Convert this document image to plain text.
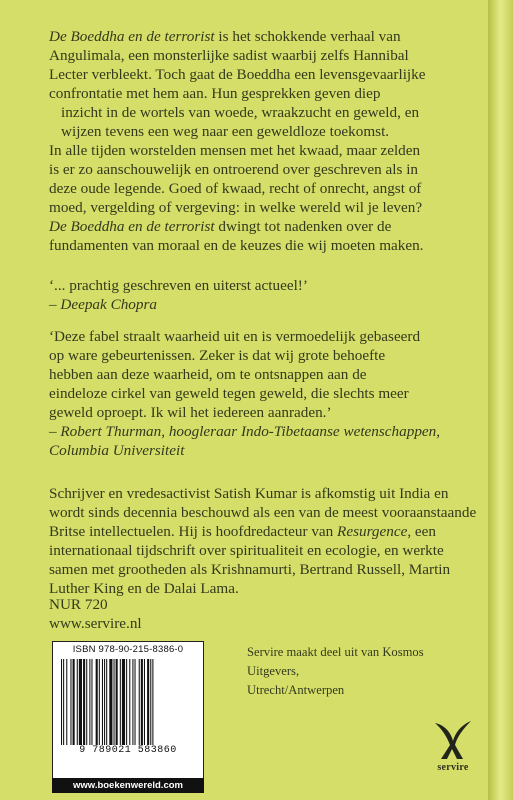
De Boeddha en de terrorist is het schokkende verhaal van

Angulimala, een monsterlijke sadist waarbij zelfs Hannibal

Lecter verbleekt. Toch gaat de Boeddha een levensgevaarlijke

confrontatie met hem aan. Hun gesprekken geven diep

inzicht in de wortels van woede, wraakzucht en geweld, en

wijzen tevens een weg naar een geweldloze toekomst.

In alle tijden worstelden mensen met het kwaad, maar zelden

is er zo aanschouwelijk en ontroerend over geschreven als in

deze oude legende. Goed of kwaad, recht of onrecht, angst of

moed, vergelding of vergeving: in welke wereld wil je leven?

De Boeddha en de terrorist dwingt tot nadenken over de

fundamenten van moraal en de keuzes die wij moeten maken.

‘... prachtig geschreven en uiterst actueel!’

– Deepak Chopra

‘Deze fabel straalt waarheid uit en is vermoedelijk gebaseerd

op ware gebeurtenissen. Zeker is dat wij grote behoefte

hebben aan deze waarheid, om te ontsnappen aan de

eindeloze cirkel van geweld tegen geweld, die slechts meer

geweld oproept. Ik wil het iedereen aanraden.’

– Robert Thurman, hoogleraar Indo-Tibetaanse wetenschappen,

Columbia Universiteit

Schrijver en vredesactivist Satish Kumar is afkomstig uit India en

wordt sinds decennia beschouwd als een van de meest vooraanstaande

Britse intellectuelen. Hij is hoofdredacteur van Resurgence, een

internationaal tijdschrift over spiritualiteit en ecologie, en werkte

samen met grootheden als Krishnamurti, Bertrand Russell, Martin

Luther King en de Dalai Lama.

NUR 720

www.servire.nl

ISBN 978-90-215-8386-0
9 789021 583860
www.boekenwereld.com

Servire maakt deel uit van Kosmos Uitgevers,

Utrecht/Antwerpen

servire
